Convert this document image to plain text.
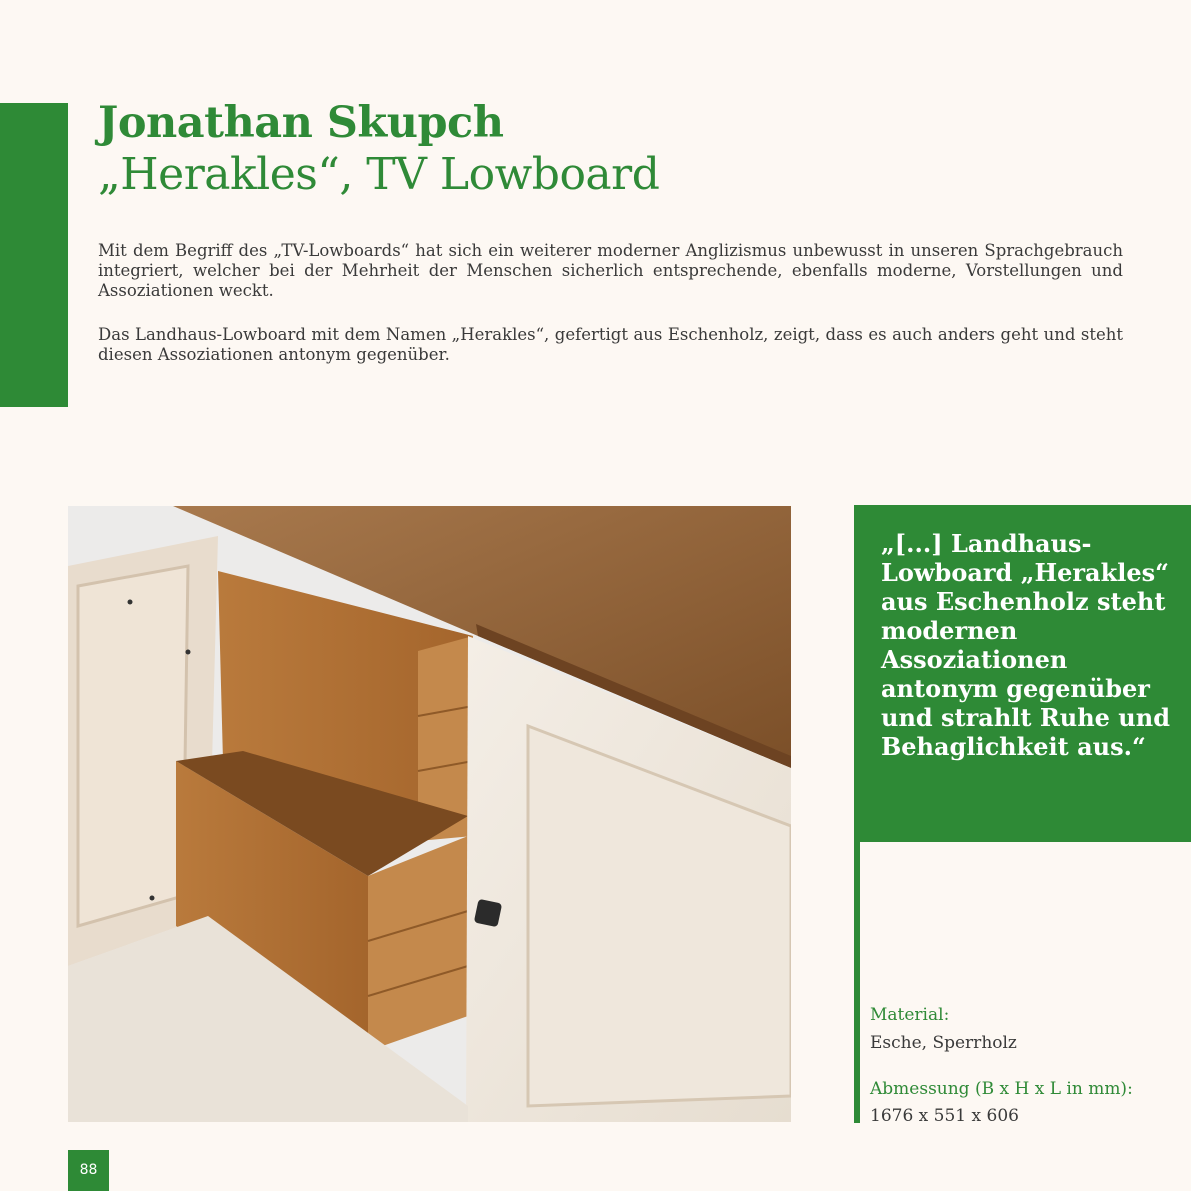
Jonathan Skupch
„Herakles“, TV Lowboard

Mit dem Begriff des „TV-Lowboards“ hat sich ein weiterer moderner Anglizismus unbewusst in unseren Sprachgebrauch integriert, welcher bei der Mehrheit der Menschen sicherlich entsprechende, ebenfalls moderne, Vorstellungen und Assoziationen weckt.

Das Landhaus-Lowboard mit dem Namen „Herakles“, gefertigt aus Eschenholz, zeigt, dass es auch anders geht und steht diesen Assoziationen antonym gegenüber.

„[...] Landhaus-Lowboard „Herakles“ aus Eschenholz steht modernen Assoziationen antonym gegenüber und strahlt Ruhe und Behaglichkeit aus.“

Material:

Esche, Sperrholz

Abmessung (B x H x L in mm):

1676 x 551 x 606

88
